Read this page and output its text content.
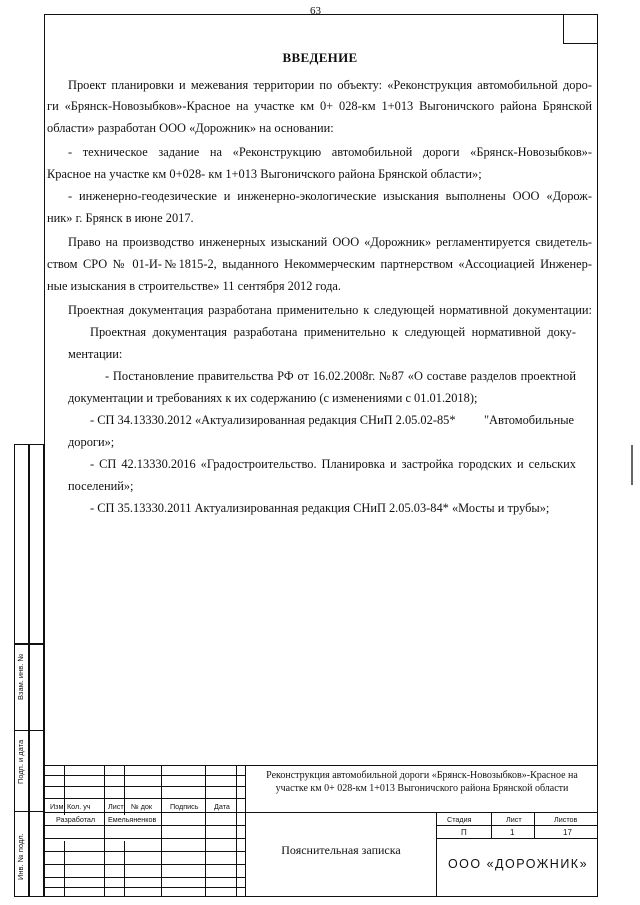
63
ВВЕДЕНИЕ
Проект планировки и межевания территории по объекту: «Реконструкция автомобильной доро-
ги «Брянск-Новозыбков»-Красное на участке км 0+ 028-км 1+013 Выгоничского района Брянской
области» разработан ООО «Дорожник» на основании:
- техническое задание на «Реконструкцию автомобильной дороги «Брянск-Новозыбков»-
Красное на участке км 0+028- км 1+013 Выгоничского района Брянской области»;
- инженерно-геодезические и инженерно-экологические изыскания выполнены ООО «Дорож-
ник» г. Брянск в июне 2017.
Право на производство инженерных изысканий ООО «Дорожник» регламентируется свидетель-
ством СРО № 01-И-№1815-2, выданного Некоммерческим партнерством «Ассоциацией Инженер-
ные изыскания в строительстве» 11 сентября 2012 года.
Проектная документация разработана применительно к следующей нормативной документации:
Проектная документация разработана применительно к следующей нормативной доку-
ментации:
- Постановление правительства РФ от 16.02.2008г. №87 «О составе разделов проектной
документации и требованиях к их содержанию (с изменениями с 01.01.2018);
- СП 34.13330.2012 «Актуализированная редакция СНиП 2.05.02-85* "Автомобильные
дороги»;
- СП 42.13330.2016 «Градостроительство. Планировка и застройка городских и сельских
поселений»;
- СП 35.13330.2011 Актуализированная редакция СНиП 2.05.03-84* «Мосты и трубы»;
Взам. инв. №
Подп. и дата
Инв. № подл.
Изм. Кол. уч Лист № док Подпись Дата
Разработал Емельяненков
Реконструкция автомобильной дороги «Брянск-Новозыбков»-Красное на
участке км 0+ 028-км 1+013 Выгоничского района Брянской области
Пояснительная записка
Стадия	Лист	Листов
П	1	17
ООО «ДОРОЖНИК»
